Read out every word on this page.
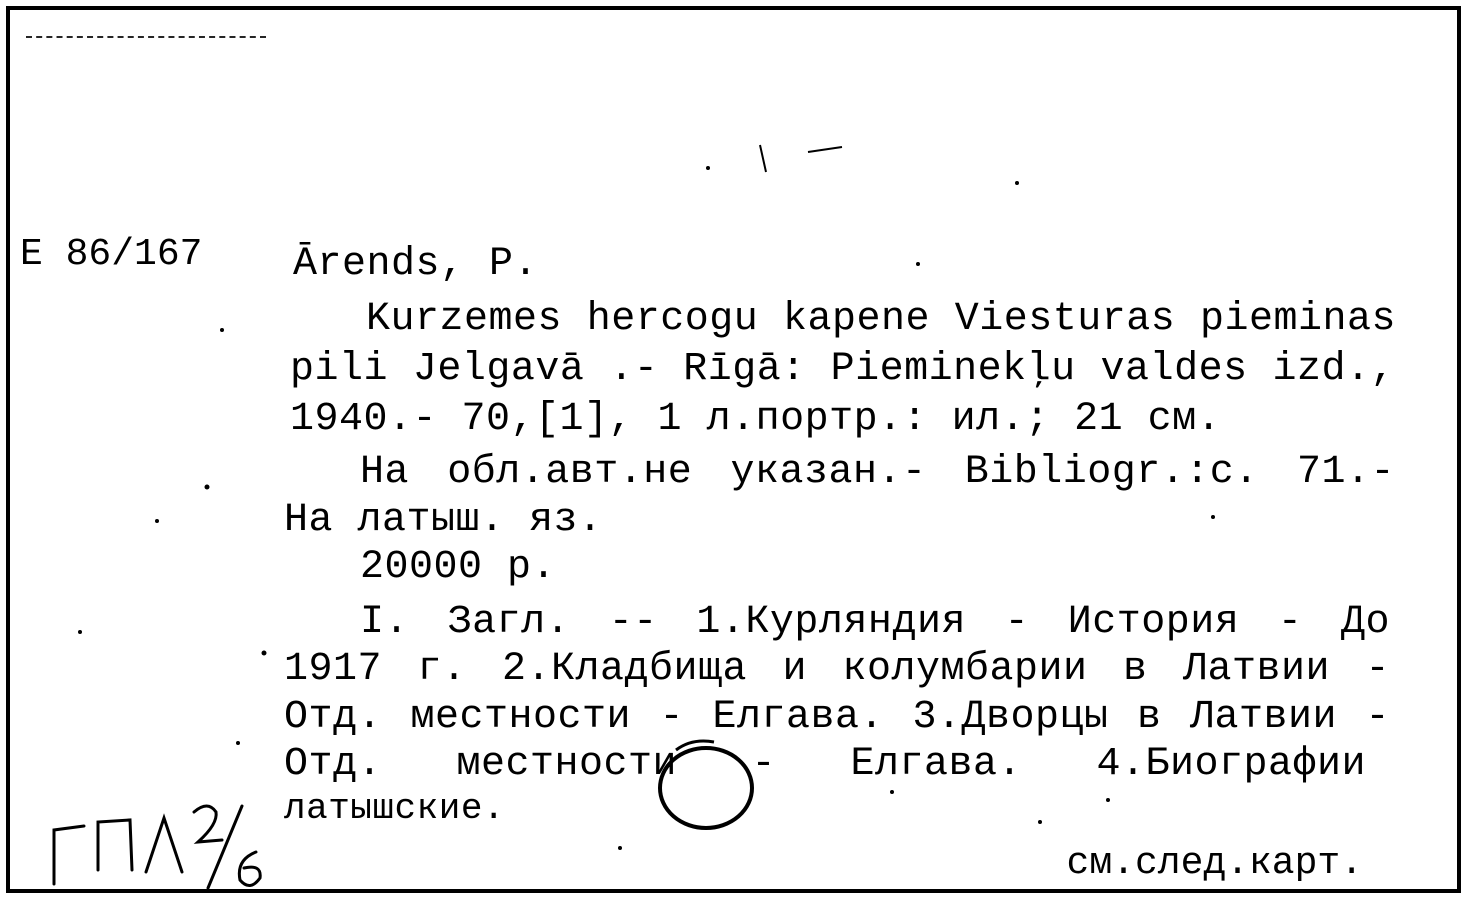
E 86/167 Ārends, P.
Kurzemes hercogu kapene Viesturas pieminas
pili Jelgavā .- Rīgā: Pieminekļu valdes izd.,
1940.- 70,[1], 1 л.портр.: ил.; 21 см.
На обл.авт.не указан.- Bibliogr.:с. 71.-
На латыш. яз.
20000 р.
I. Загл. -- 1.Курляндия - История - До
1917 г. 2.Кладбища и колумбарии в Латвии -
Отд. местности - Елгава. 3.Дворцы в Латвии -
Отд. местности - Елгава. 4.Биографии
латышские.
см.след.карт.
